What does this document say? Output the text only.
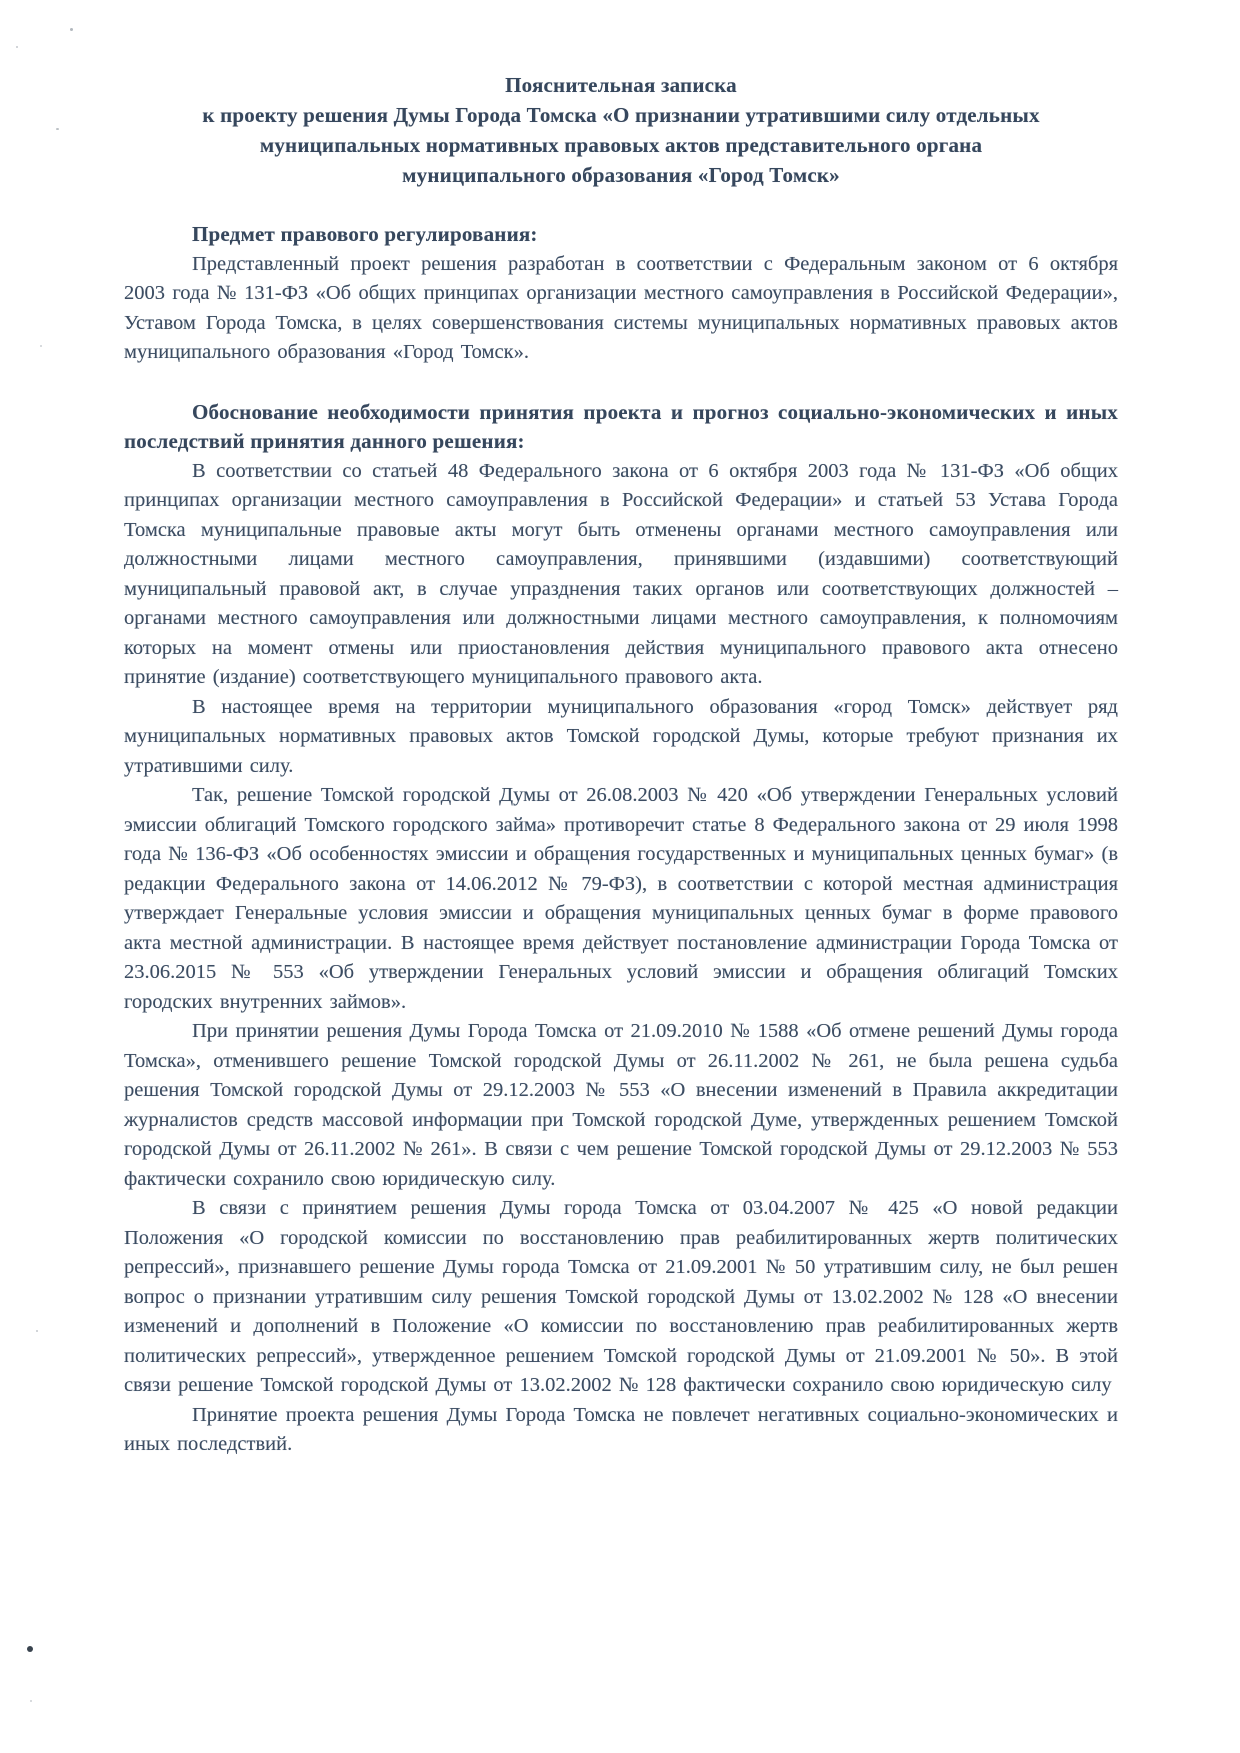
Пояснительная записка
к проекту решения Думы Города Томска «О признании утратившими силу отдельных
муниципальных нормативных правовых актов представительного органа
муниципального образования «Город Томск»
Предмет правового регулирования:

Представленный проект решения разработан в соответствии с Федеральным законом от 6 октября 2003 года № 131-ФЗ «Об общих принципах организации местного самоуправления в Российской Федерации», Уставом Города Томска, в целях совершенствования системы муниципальных нормативных правовых актов муниципального образования «Город Томск».

Обоснование необходимости принятия проекта и прогноз социально-экономических и иных последствий принятия данного решения:

В соответствии со статьей 48 Федерального закона от 6 октября 2003 года № 131-ФЗ «Об общих принципах организации местного самоуправления в Российской Федерации» и статьей 53 Устава Города Томска муниципальные правовые акты могут быть отменены органами местного самоуправления или должностными лицами местного самоуправления, принявшими (издавшими) соответствующий муниципальный правовой акт, в случае упразднения таких органов или соответствующих должностей – органами местного самоуправления или должностными лицами местного самоуправления, к полномочиям которых на момент отмены или приостановления действия муниципального правового акта отнесено принятие (издание) соответствующего муниципального правового акта.

В настоящее время на территории муниципального образования «город Томск» действует ряд муниципальных нормативных правовых актов Томской городской Думы, которые требуют признания их утратившими силу.

Так, решение Томской городской Думы от 26.08.2003 № 420 «Об утверждении Генеральных условий эмиссии облигаций Томского городского займа» противоречит статье 8 Федерального закона от 29 июля 1998 года № 136-ФЗ «Об особенностях эмиссии и обращения государственных и муниципальных ценных бумаг» (в редакции Федерального закона от 14.06.2012 № 79-ФЗ), в соответствии с которой местная администрация утверждает Генеральные условия эмиссии и обращения муниципальных ценных бумаг в форме правового акта местной администрации. В настоящее время действует постановление администрации Города Томска от 23.06.2015 № 553 «Об утверждении Генеральных условий эмиссии и обращения облигаций Томских городских внутренних займов».

При принятии решения Думы Города Томска от 21.09.2010 № 1588 «Об отмене решений Думы города Томска», отменившего решение Томской городской Думы от 26.11.2002 № 261, не была решена судьба решения Томской городской Думы от 29.12.2003 № 553 «О внесении изменений в Правила аккредитации журналистов средств массовой информации при Томской городской Думе, утвержденных решением Томской городской Думы от 26.11.2002 № 261». В связи с чем решение Томской городской Думы от 29.12.2003 № 553 фактически сохранило свою юридическую силу.

В связи с принятием решения Думы города Томска от 03.04.2007 № 425 «О новой редакции Положения «О городской комиссии по восстановлению прав реабилитированных жертв политических репрессий», признавшего решение Думы города Томска от 21.09.2001 № 50 утратившим силу, не был решен вопрос о признании утратившим силу решения Томской городской Думы от 13.02.2002 № 128 «О внесении изменений и дополнений в Положение «О комиссии по восстановлению прав реабилитированных жертв политических репрессий», утвержденное решением Томской городской Думы от 21.09.2001 № 50». В этой связи решение Томской городской Думы от 13.02.2002 № 128 фактически сохранило свою юридическую силу

Принятие проекта решения Думы Города Томска не повлечет негативных социально-экономических и иных последствий.
